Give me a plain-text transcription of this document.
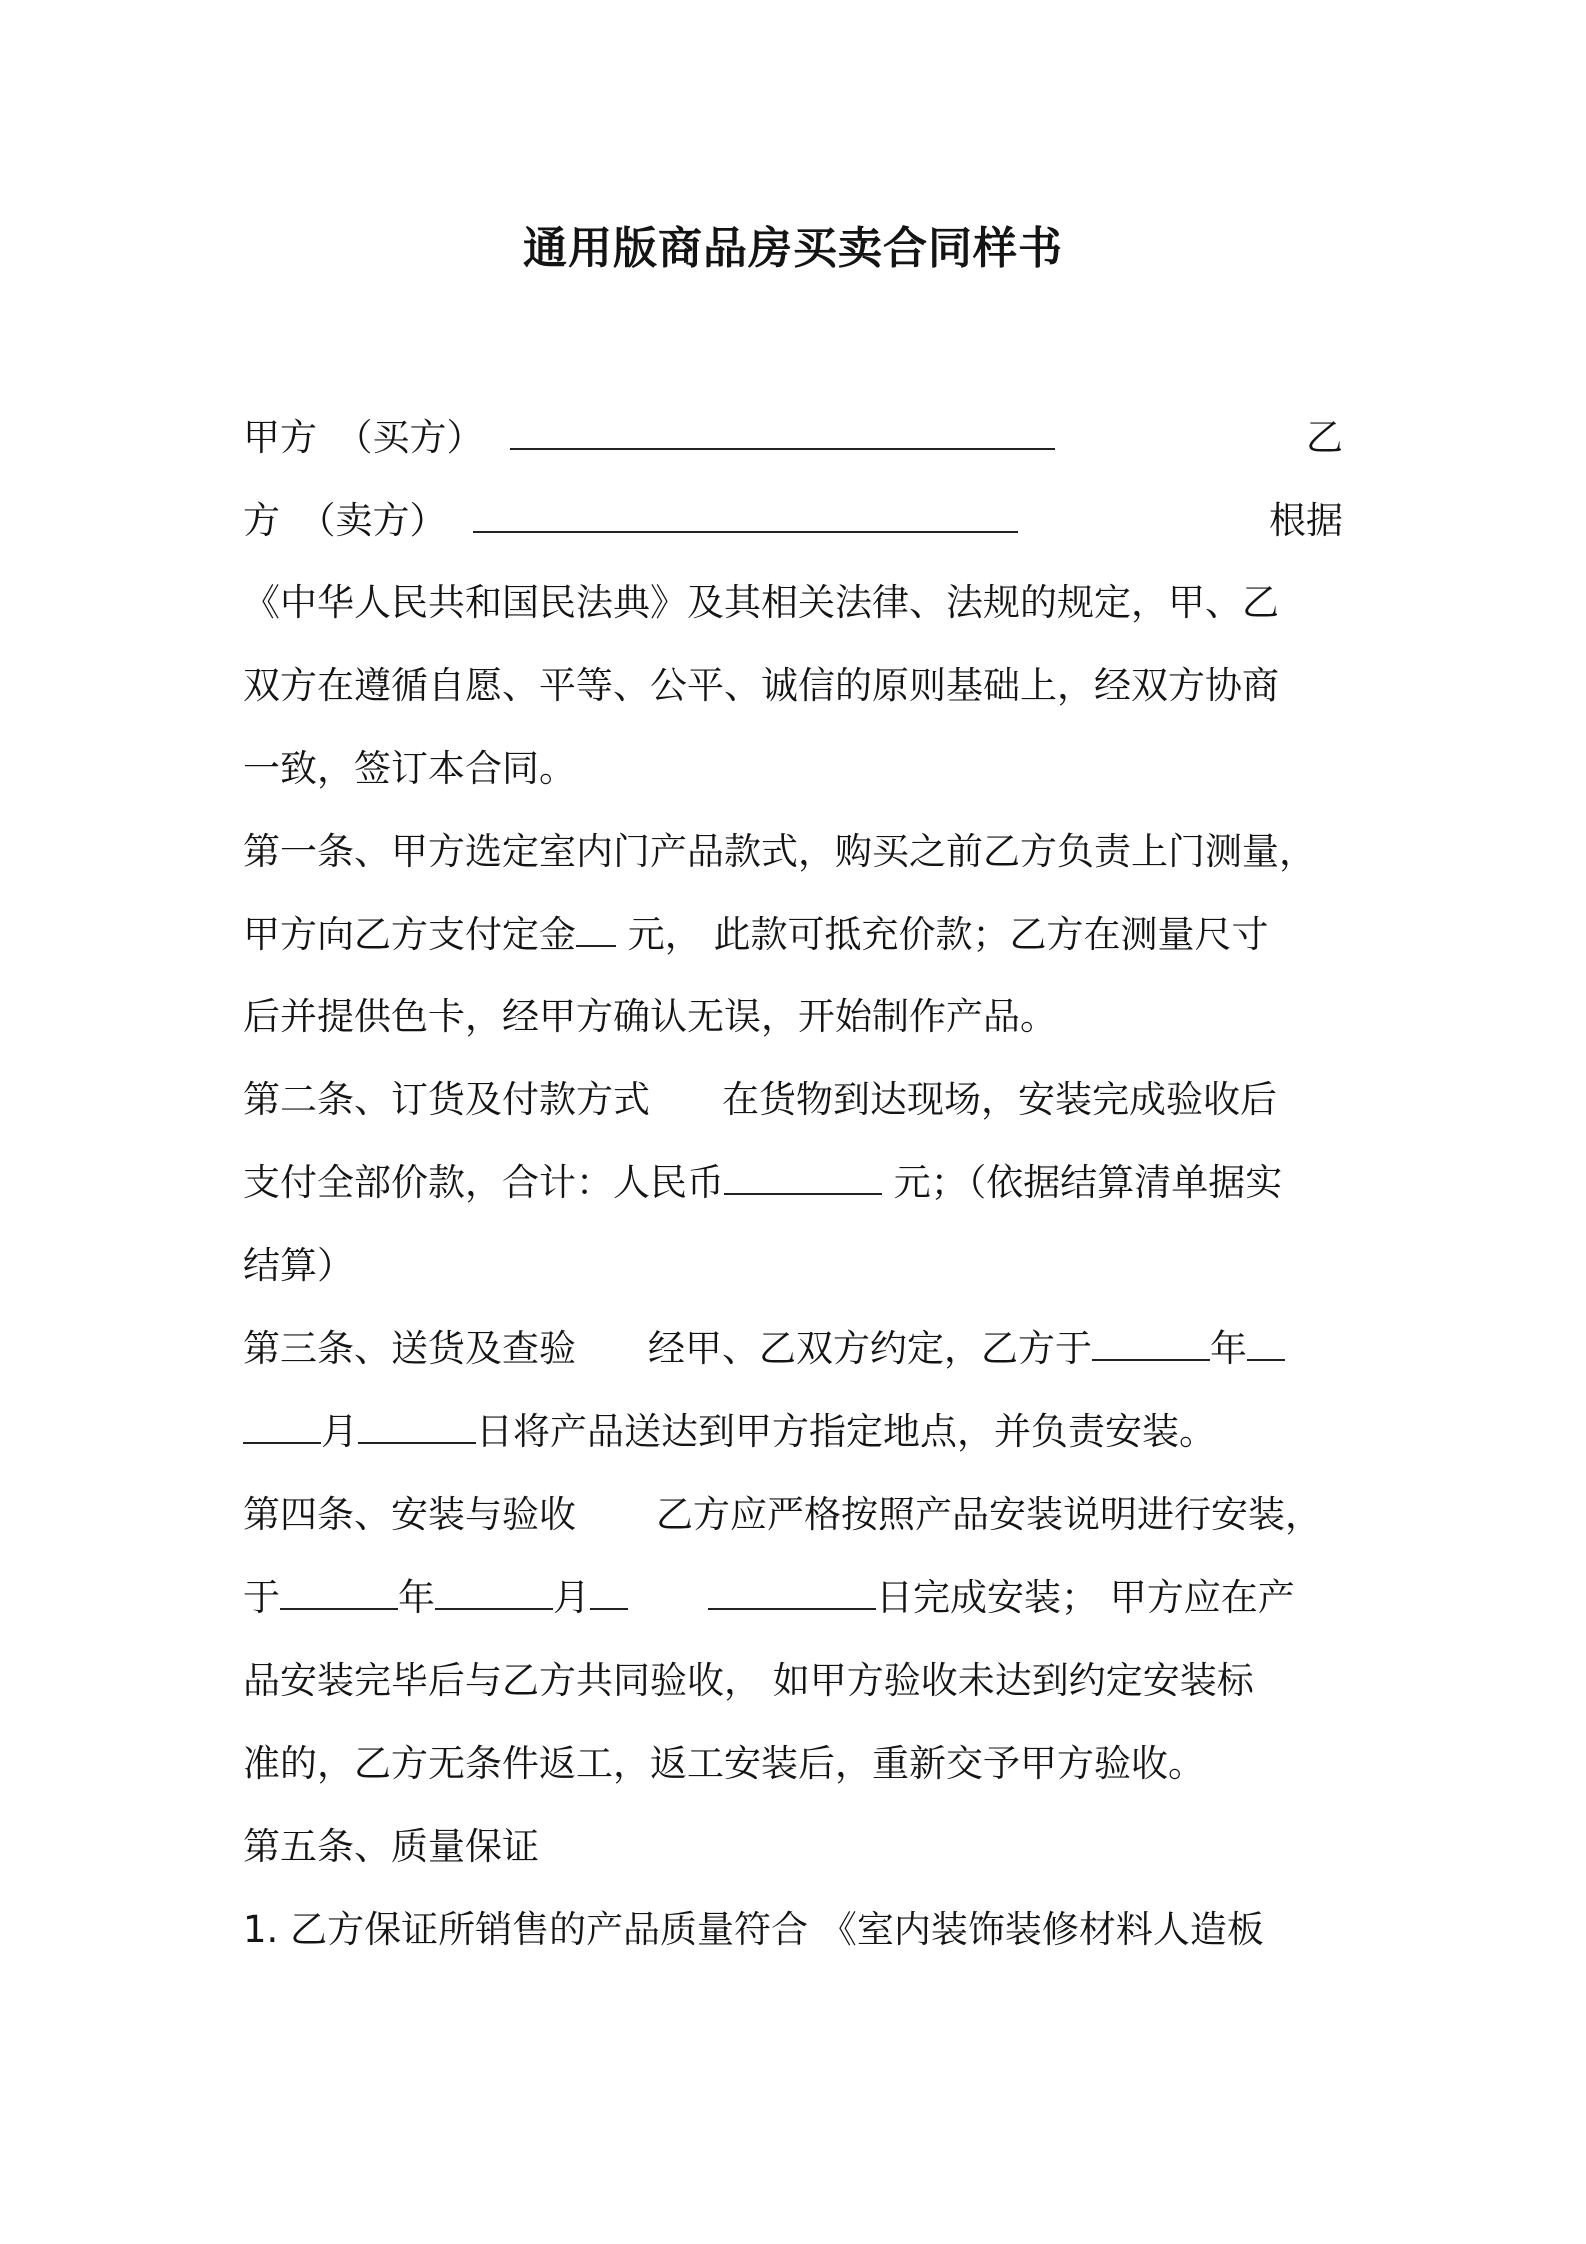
通用版商品房买卖合同样书
甲方　（买方）	乙
方　（卖方）	根据
《中华人民共和国民法典》及其相关法律、法规的规定，甲、乙
双方在遵循自愿、平等、公平、诚信的原则基础上，经双方协商
一致，签订本合同。
第一条、甲方选定室内门产品款式，购买之前乙方负责上门测量，
甲方向乙方支付定金 元， 此款可抵充价款；乙方在测量尺寸
后并提供色卡，经甲方确认无误，开始制作产品。
第二条、订货及付款方式 在货物到达现场，安装完成验收后
支付全部价款，合计：人民币	元；（依据结算清单据实
结算）
第三条、送货及查验 经甲、乙双方约定，乙方于	年
月	日将产品送达到甲方指定地点，并负责安装。
第四条、安装与验收 乙方应严格按照产品安装说明进行安装，
于	年	月	日完成安装； 甲方应在产
品安装完毕后与乙方共同验收， 如甲方验收未达到约定安装标
准的，乙方无条件返工，返工安装后，重新交予甲方验收。
第五条、质量保证
1. 乙方保证所销售的产品质量符合 《室内装饰装修材料人造板
